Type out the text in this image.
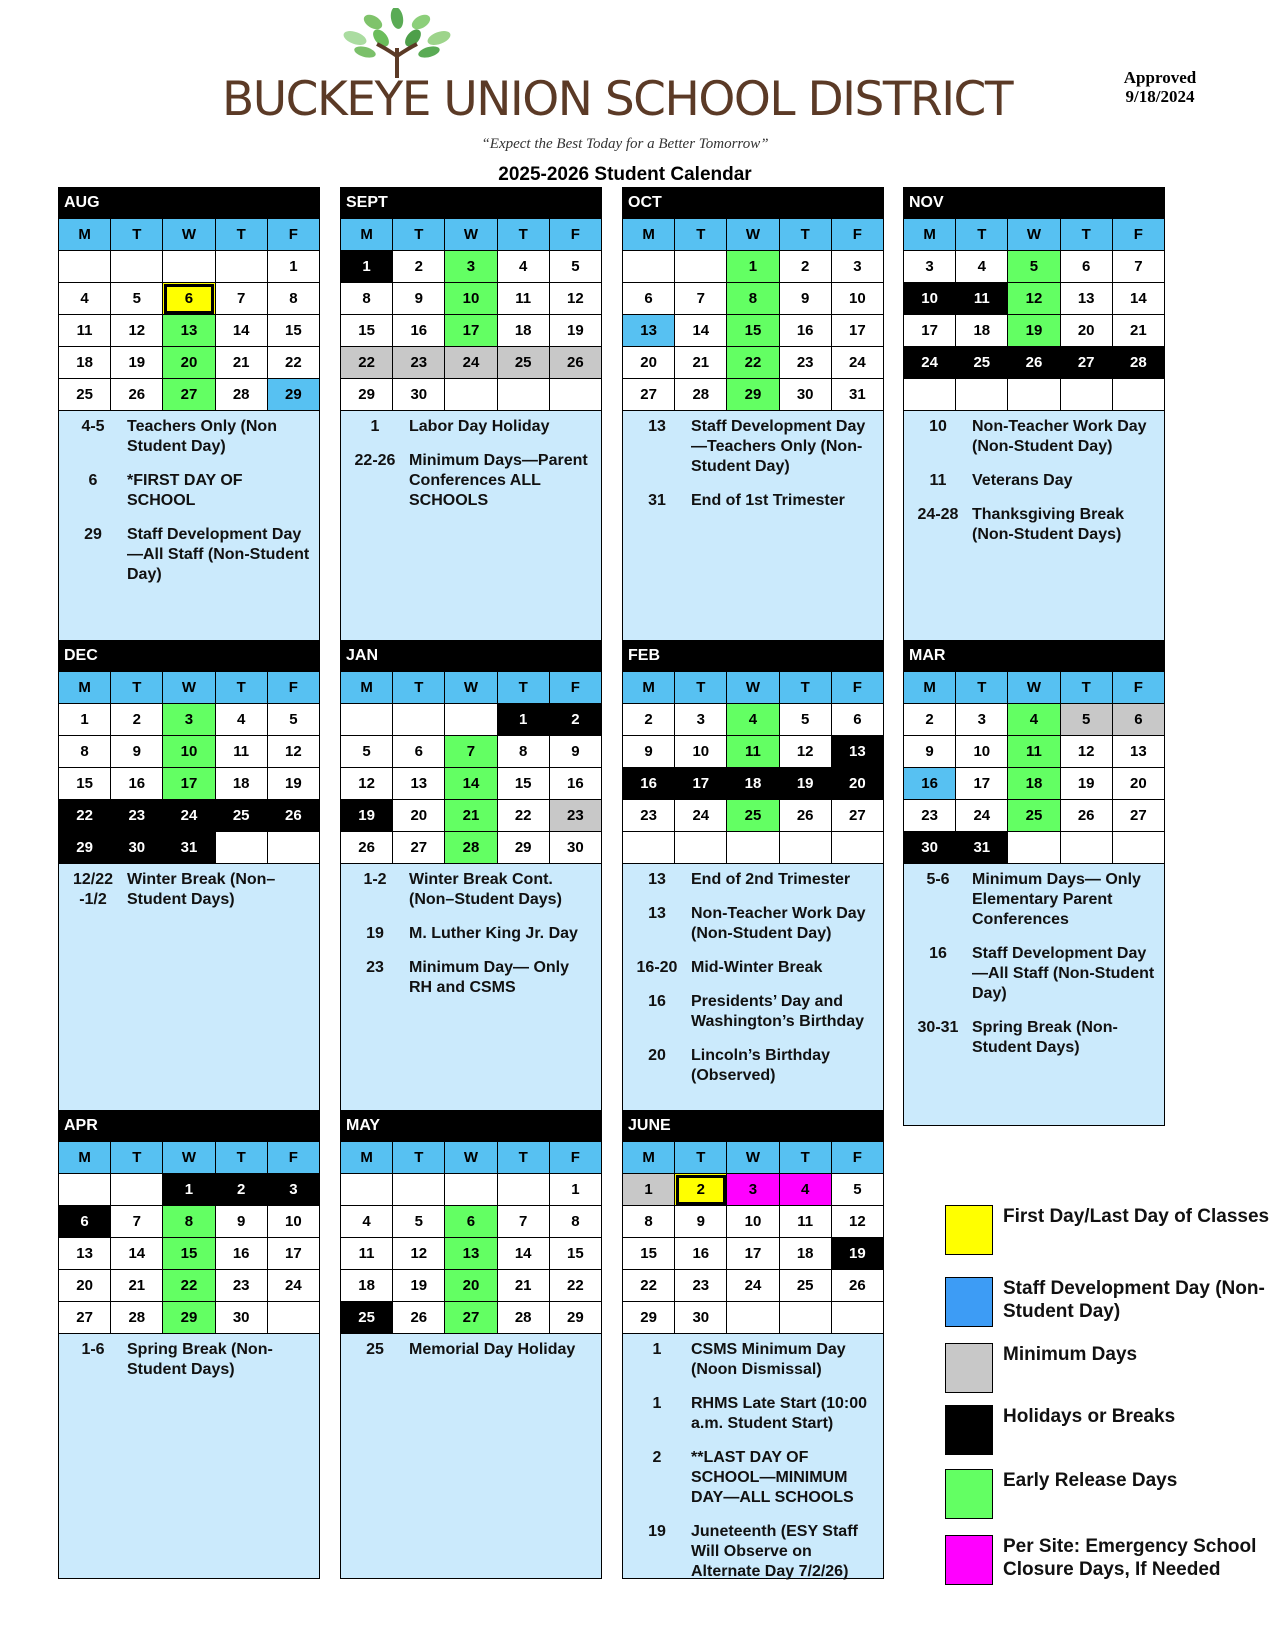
BUCKEYE UNION SCHOOL DISTRICT
“Expect the Best Today for a Better Tomorrow”
2025-2026 Student Calendar
Approved
9/18/2024
AUG
M	T	W	T	F
				1
4	5	6	7	8
11	12	13	14	15
18	19	20	21	22
25	26	27	28	29
4-5	Teachers Only (Non Student Day)
6	*FIRST DAY OF SCHOOL
29	Staff Development Day—All Staff (Non-Student Day)
SEPT
M	T	W	T	F
1	2	3	4	5
8	9	10	11	12
15	16	17	18	19
22	23	24	25	26
29	30			
1	Labor Day Holiday
22-26 Minimum Days—Parent Conferences ALL SCHOOLS
OCT
M	T	W	T	F
		1	2	3
6	7	8	9	10
13	14	15	16	17
20	21	22	23	24
27	28	29	30	31
13	Staff Development Day—Teachers Only (Non-Student Day)
31	End of 1st Trimester
NOV
M	T	W	T	F
3	4	5	6	7
10	11	12	13	14
17	18	19	20	21
24	25	26	27	28

10	Non-Teacher Work Day (Non-Student Day)
11	Veterans Day
24-28 Thanksgiving Break (Non-Student Days)
DEC
M	T	W	T	F
1	2	3	4	5
8	9	10	11	12
15	16	17	18	19
22	23	24	25	26
29	30	31		
12/22 -1/2
Winter Break (Non–Student Days)
JAN
M	T	W	T	F
			1	2
5	6	7	8	9
12	13	14	15	16
19	20	21	22	23
26	27	28	29	30
1-2	Winter Break Cont. (Non–Student Days)
19	M. Luther King Jr. Day
23	Minimum Day— Only RH and CSMS
FEB
M	T	W	T	F
2	3	4	5	6
9	10	11	12	13
16	17	18	19	20
23	24	25	26	27

13	End of 2nd Trimester
13	Non-Teacher Work Day (Non-Student Day)
16-20 Mid-Winter Break
16	Presidents’ Day and Washington’s Birthday
20	Lincoln’s Birthday (Observed)
MAR
M	T	W	T	F
2	3	4	5	6
9	10	11	12	13
16	17	18	19	20
23	24	25	26	27
30	31			
5-6	Minimum Days— Only Elementary Parent Conferences
16	Staff Development Day—All Staff (Non-Student Day)
30-31 Spring Break (Non-Student Days)
APR
M	T	W	T	F
		1	2	3
6	7	8	9	10
13	14	15	16	17
20	21	22	23	24
27	28	29	30	
1-6	Spring Break (Non-Student Days)
MAY
M	T	W	T	F
				1
4	5	6	7	8
11	12	13	14	15
18	19	20	21	22
25	26	27	28	29
25	Memorial Day Holiday
JUNE
M	T	W	T	F
1	2	3	4	5
8	9	10	11	12
15	16	17	18	19
22	23	24	25	26
29	30			
1	CSMS Minimum Day (Noon Dismissal)
1	RHMS Late Start (10:00 a.m. Student Start)
2	**LAST DAY OF SCHOOL—MINIMUM DAY—ALL SCHOOLS
19	Juneteenth (ESY Staff Will Observe on Alternate Day 7/2/26)
First Day/Last Day of Classes
Staff Development Day (Non-Student Day)
Minimum Days
Holidays or Breaks
Early Release Days
Per Site: Emergency School Closure Days, If Needed
